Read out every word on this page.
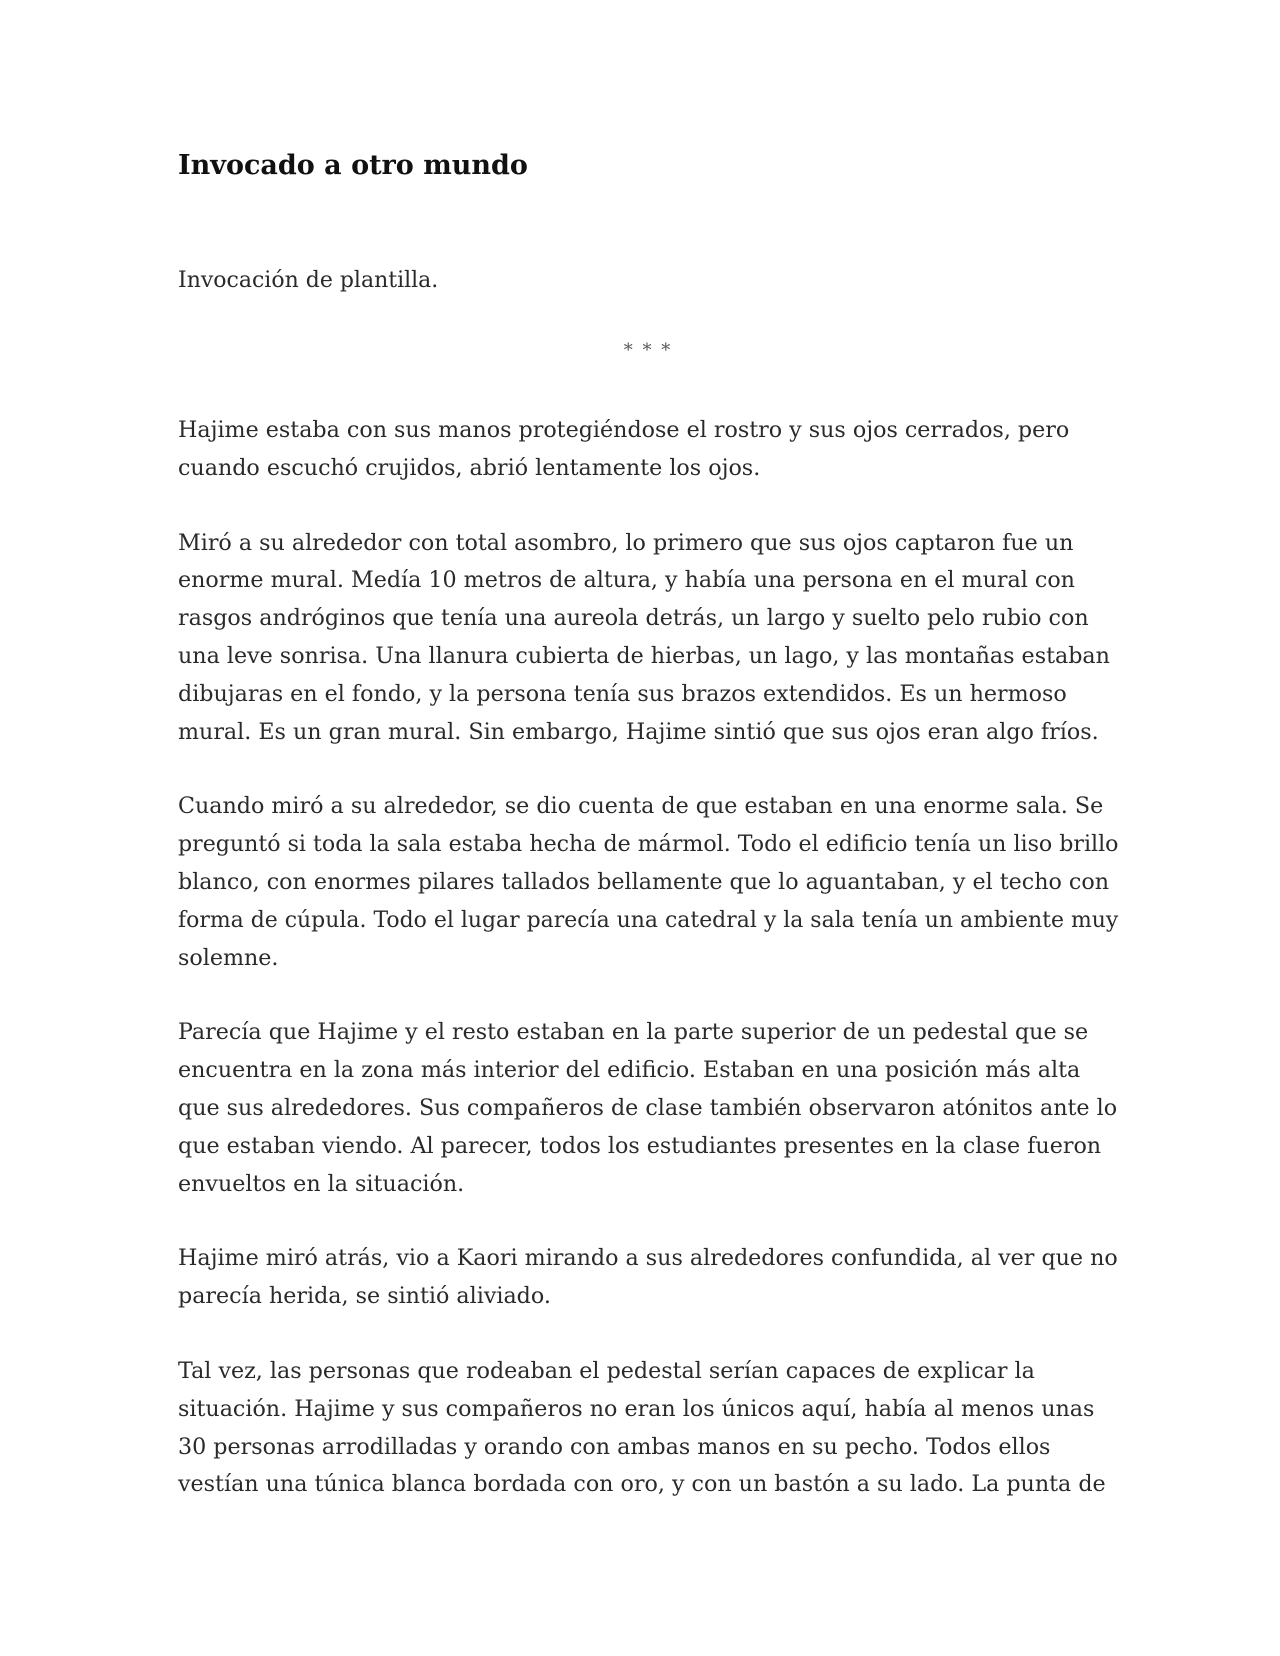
Invocado a otro mundo

Invocación de plantilla.

* * *

Hajime estaba con sus manos protegiéndose el rostro y sus ojos cerrados, pero
cuando escuchó crujidos, abrió lentamente los ojos.

Miró a su alrededor con total asombro, lo primero que sus ojos captaron fue un
enorme mural. Medía 10 metros de altura, y había una persona en el mural con
rasgos andróginos que tenía una aureola detrás, un largo y suelto pelo rubio con
una leve sonrisa. Una llanura cubierta de hierbas, un lago, y las montañas estaban
dibujaras en el fondo, y la persona tenía sus brazos extendidos. Es un hermoso
mural. Es un gran mural. Sin embargo, Hajime sintió que sus ojos eran algo fríos.

Cuando miró a su alrededor, se dio cuenta de que estaban en una enorme sala. Se
preguntó si toda la sala estaba hecha de mármol. Todo el edificio tenía un liso brillo
blanco, con enormes pilares tallados bellamente que lo aguantaban, y el techo con
forma de cúpula. Todo el lugar parecía una catedral y la sala tenía un ambiente muy
solemne.

Parecía que Hajime y el resto estaban en la parte superior de un pedestal que se
encuentra en la zona más interior del edificio. Estaban en una posición más alta
que sus alrededores. Sus compañeros de clase también observaron atónitos ante lo
que estaban viendo. Al parecer, todos los estudiantes presentes en la clase fueron
envueltos en la situación.

Hajime miró atrás, vio a Kaori mirando a sus alrededores confundida, al ver que no
parecía herida, se sintió aliviado.

Tal vez, las personas que rodeaban el pedestal serían capaces de explicar la
situación. Hajime y sus compañeros no eran los únicos aquí, había al menos unas
30 personas arrodilladas y orando con ambas manos en su pecho. Todos ellos
vestían una túnica blanca bordada con oro, y con un bastón a su lado. La punta de
